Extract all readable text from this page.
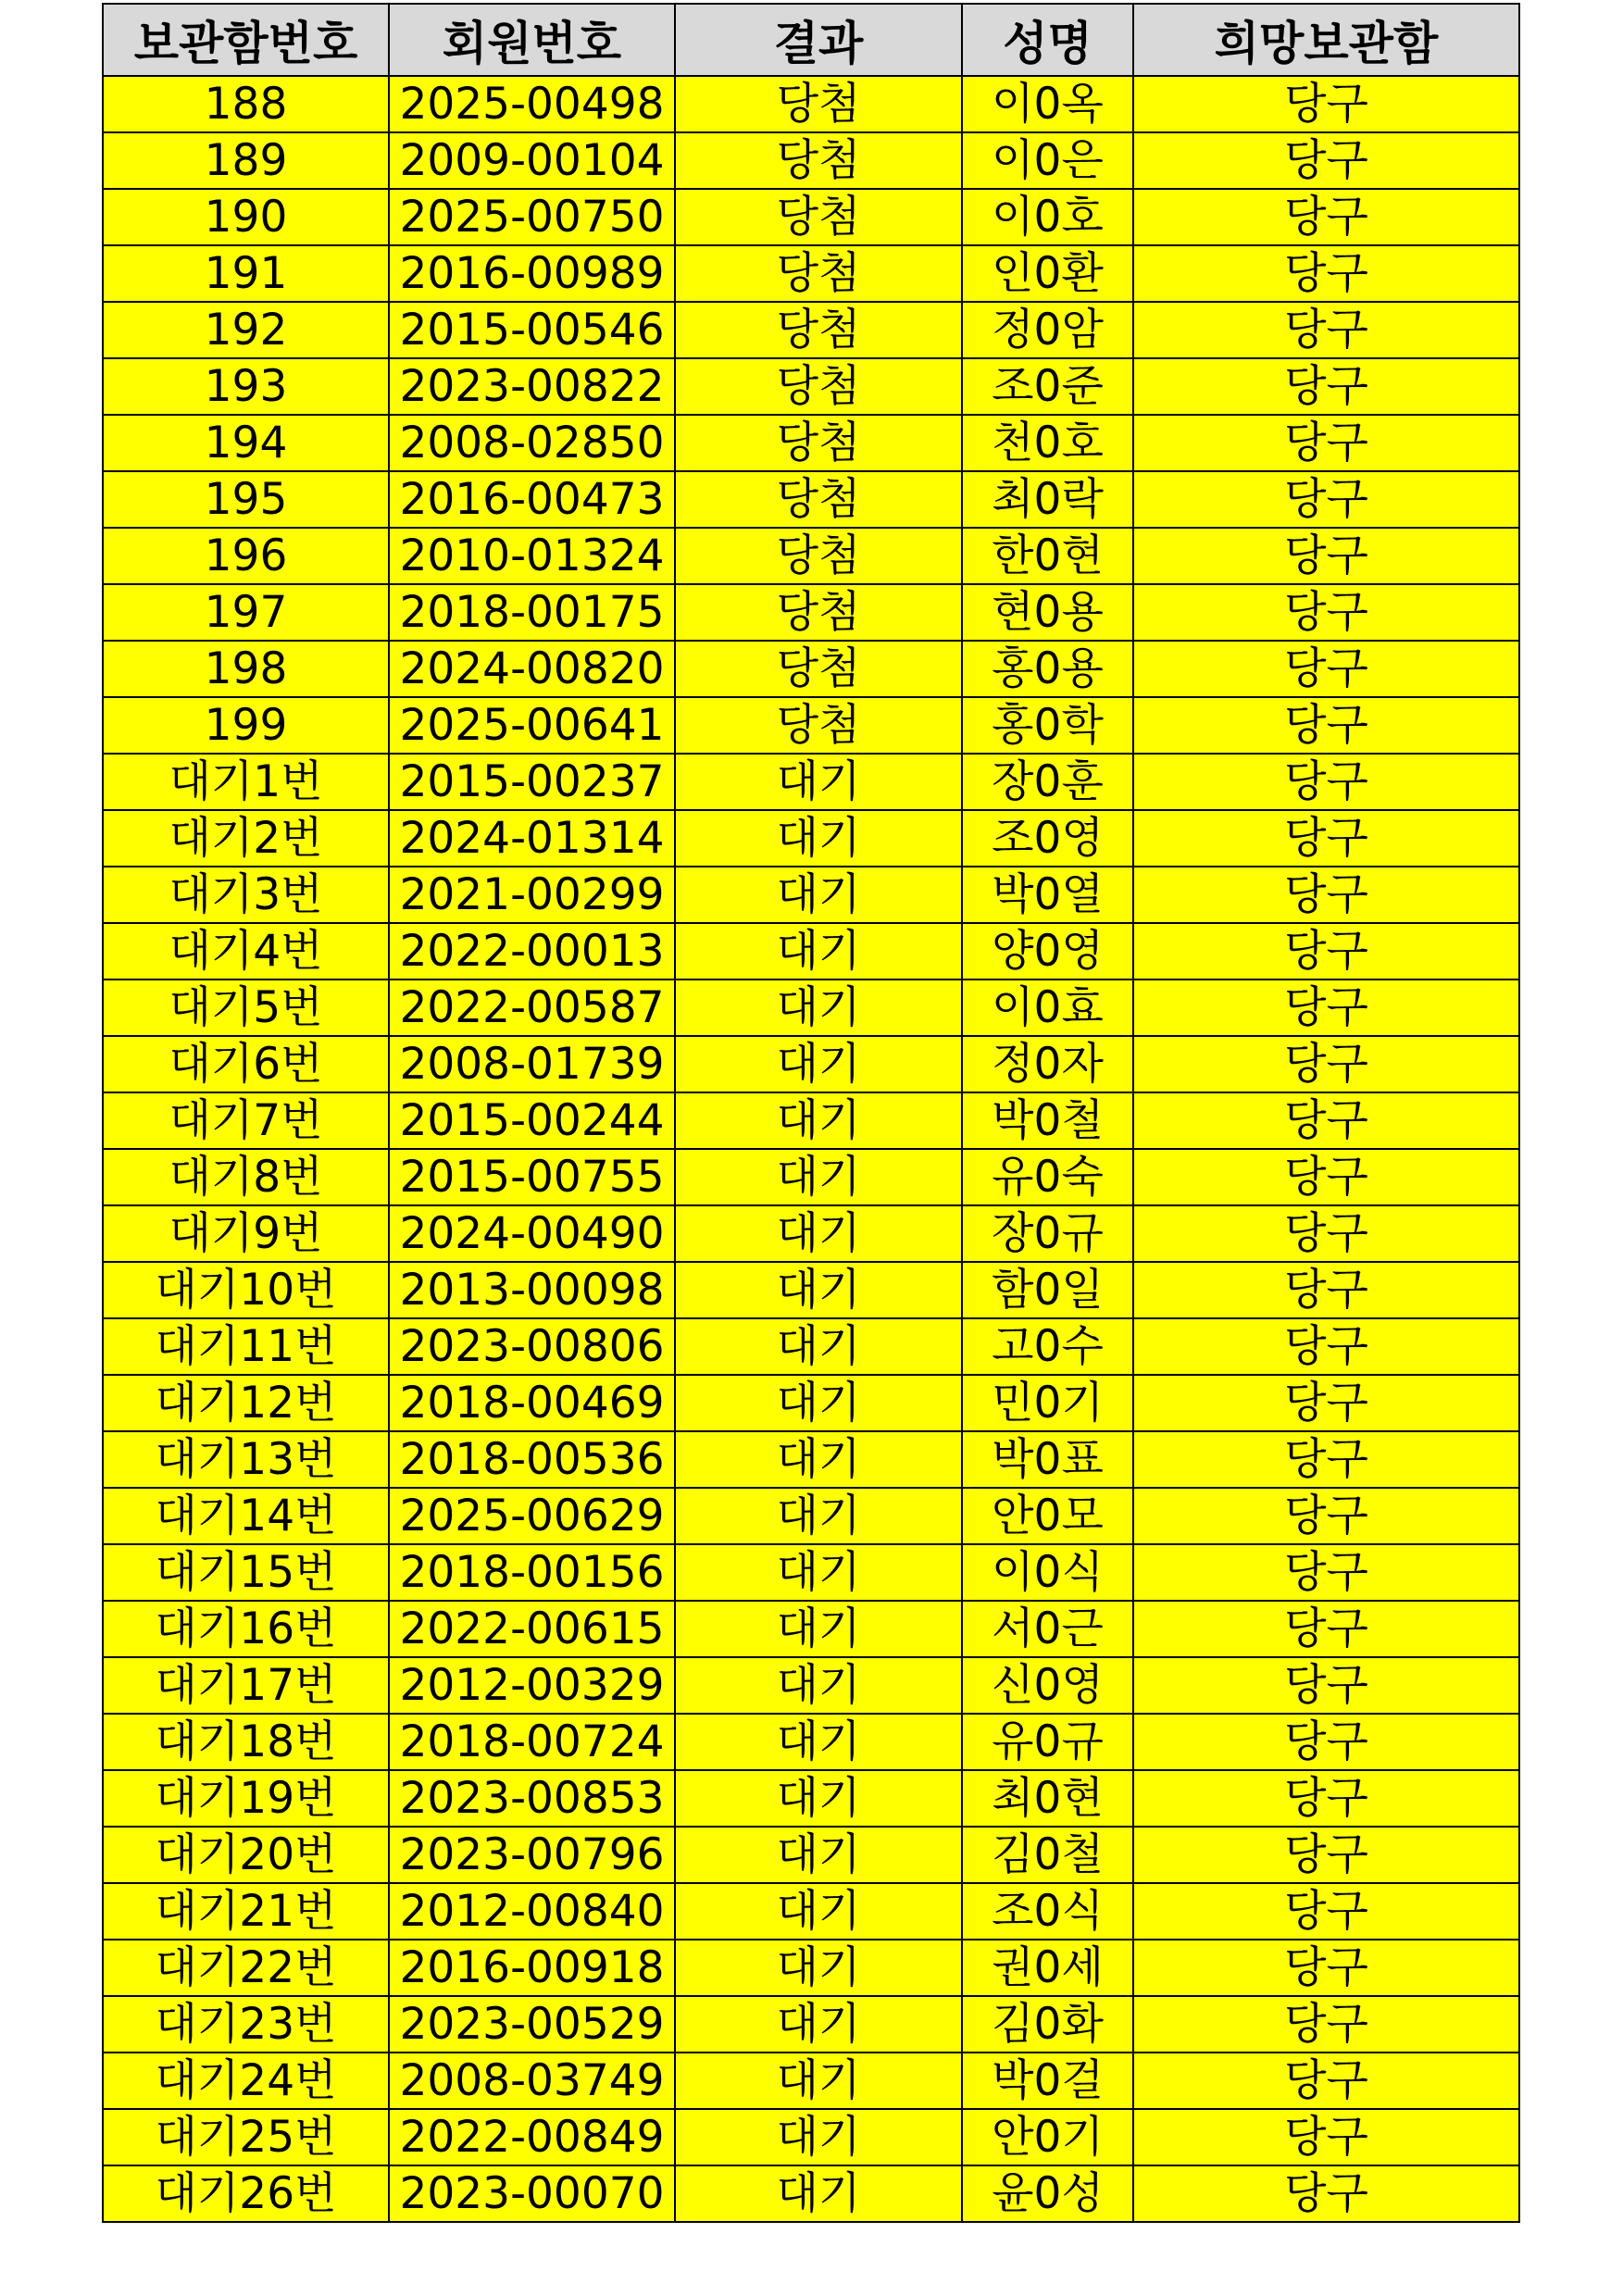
보관함번호	회원번호	결과	성명	희망보관함
188	2025-00498	당첨	이0옥	당구
189	2009-00104	당첨	이0은	당구
190	2025-00750	당첨	이0호	당구
191	2016-00989	당첨	인0환	당구
192	2015-00546	당첨	정0암	당구
193	2023-00822	당첨	조0준	당구
194	2008-02850	당첨	천0호	당구
195	2016-00473	당첨	최0락	당구
196	2010-01324	당첨	한0현	당구
197	2018-00175	당첨	현0용	당구
198	2024-00820	당첨	홍0용	당구
199	2025-00641	당첨	홍0학	당구
대기1번	2015-00237	대기	장0훈	당구
대기2번	2024-01314	대기	조0영	당구
대기3번	2021-00299	대기	박0열	당구
대기4번	2022-00013	대기	양0영	당구
대기5번	2022-00587	대기	이0효	당구
대기6번	2008-01739	대기	정0자	당구
대기7번	2015-00244	대기	박0철	당구
대기8번	2015-00755	대기	유0숙	당구
대기9번	2024-00490	대기	장0규	당구
대기10번	2013-00098	대기	함0일	당구
대기11번	2023-00806	대기	고0수	당구
대기12번	2018-00469	대기	민0기	당구
대기13번	2018-00536	대기	박0표	당구
대기14번	2025-00629	대기	안0모	당구
대기15번	2018-00156	대기	이0식	당구
대기16번	2022-00615	대기	서0근	당구
대기17번	2012-00329	대기	신0영	당구
대기18번	2018-00724	대기	유0규	당구
대기19번	2023-00853	대기	최0현	당구
대기20번	2023-00796	대기	김0철	당구
대기21번	2012-00840	대기	조0식	당구
대기22번	2016-00918	대기	권0세	당구
대기23번	2023-00529	대기	김0화	당구
대기24번	2008-03749	대기	박0걸	당구
대기25번	2022-00849	대기	안0기	당구
대기26번	2023-00070	대기	윤0성	당구
